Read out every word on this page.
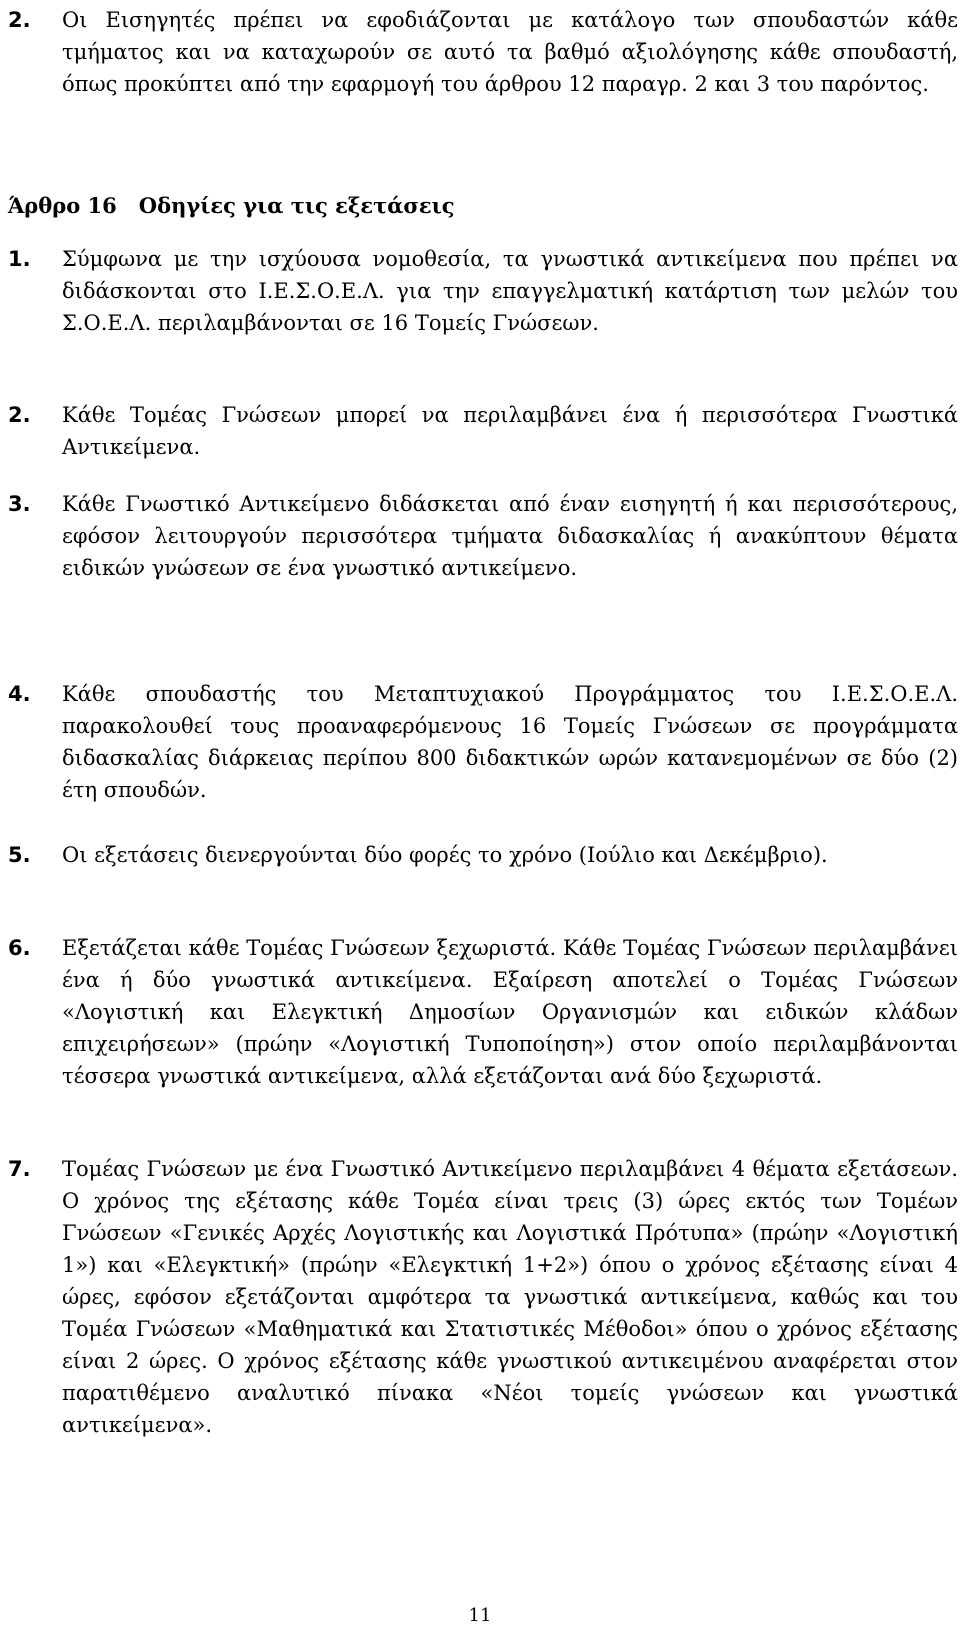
2.	Οι Εισηγητές πρέπει να εφοδιάζονται με κατάλογο των σπουδαστών κάθε τμήματος και να καταχωρούν σε αυτό τα βαθμό αξιολόγησης κάθε σπουδαστή, όπως προκύπτει από την εφαρμογή του άρθρου 12 παραγρ. 2 και 3 του παρόντος.
Άρθρο 16 Οδηγίες για τις εξετάσεις
1.	Σύμφωνα με την ισχύουσα νομοθεσία, τα γνωστικά αντικείμενα που πρέπει να διδάσκονται στο Ι.Ε.Σ.Ο.Ε.Λ. για την επαγγελματική κατάρτιση των μελών του Σ.Ο.Ε.Λ. περιλαμβάνονται σε 16 Τομείς Γνώσεων.
2.	Κάθε Τομέας Γνώσεων μπορεί να περιλαμβάνει ένα ή περισσότερα Γνωστικά Αντικείμενα.
3.	Κάθε Γνωστικό Αντικείμενο διδάσκεται από έναν εισηγητή ή και περισσότερους, εφόσον λειτουργούν περισσότερα τμήματα διδασκαλίας ή ανακύπτουν θέματα ειδικών γνώσεων σε ένα γνωστικό αντικείμενο.
4.	Κάθε σπουδαστής του Μεταπτυχιακού Προγράμματος του Ι.Ε.Σ.Ο.Ε.Λ. παρακολουθεί τους προαναφερόμενους 16 Τομείς Γνώσεων σε προγράμματα διδασκαλίας διάρκειας περίπου 800 διδακτικών ωρών κατανεμομένων σε δύο (2) έτη σπουδών.
5.	Οι εξετάσεις διενεργούνται δύο φορές το χρόνο (Ιούλιο και Δεκέμβριο).
6.	Εξετάζεται κάθε Τομέας Γνώσεων ξεχωριστά. Κάθε Τομέας Γνώσεων περιλαμβάνει ένα ή δύο γνωστικά αντικείμενα. Εξαίρεση αποτελεί ο Τομέας Γνώσεων «Λογιστική και Ελεγκτική Δημοσίων Οργανισμών και ειδικών κλάδων επιχειρήσεων» (πρώην «Λογιστική Τυποποίηση») στον οποίο περιλαμβάνονται τέσσερα γνωστικά αντικείμενα, αλλά εξετάζονται ανά δύο ξεχωριστά.
7.	Τομέας Γνώσεων με ένα Γνωστικό Αντικείμενο περιλαμβάνει 4 θέματα εξετάσεων. Ο χρόνος της εξέτασης κάθε Τομέα είναι τρεις (3) ώρες εκτός των Τομέων Γνώσεων «Γενικές Αρχές Λογιστικής και Λογιστικά Πρότυπα» (πρώην «Λογιστική 1») και «Ελεγκτική» (πρώην «Ελεγκτική 1+2») όπου ο χρόνος εξέτασης είναι 4 ώρες, εφόσον εξετάζονται αμφότερα τα γνωστικά αντικείμενα, καθώς και του Τομέα Γνώσεων «Μαθηματικά και Στατιστικές Μέθοδοι» όπου ο χρόνος εξέτασης είναι 2 ώρες. Ο χρόνος εξέτασης κάθε γνωστικού αντικειμένου αναφέρεται στον παρατιθέμενο αναλυτικό πίνακα «Νέοι τομείς γνώσεων και γνωστικά αντικείμενα».
11
